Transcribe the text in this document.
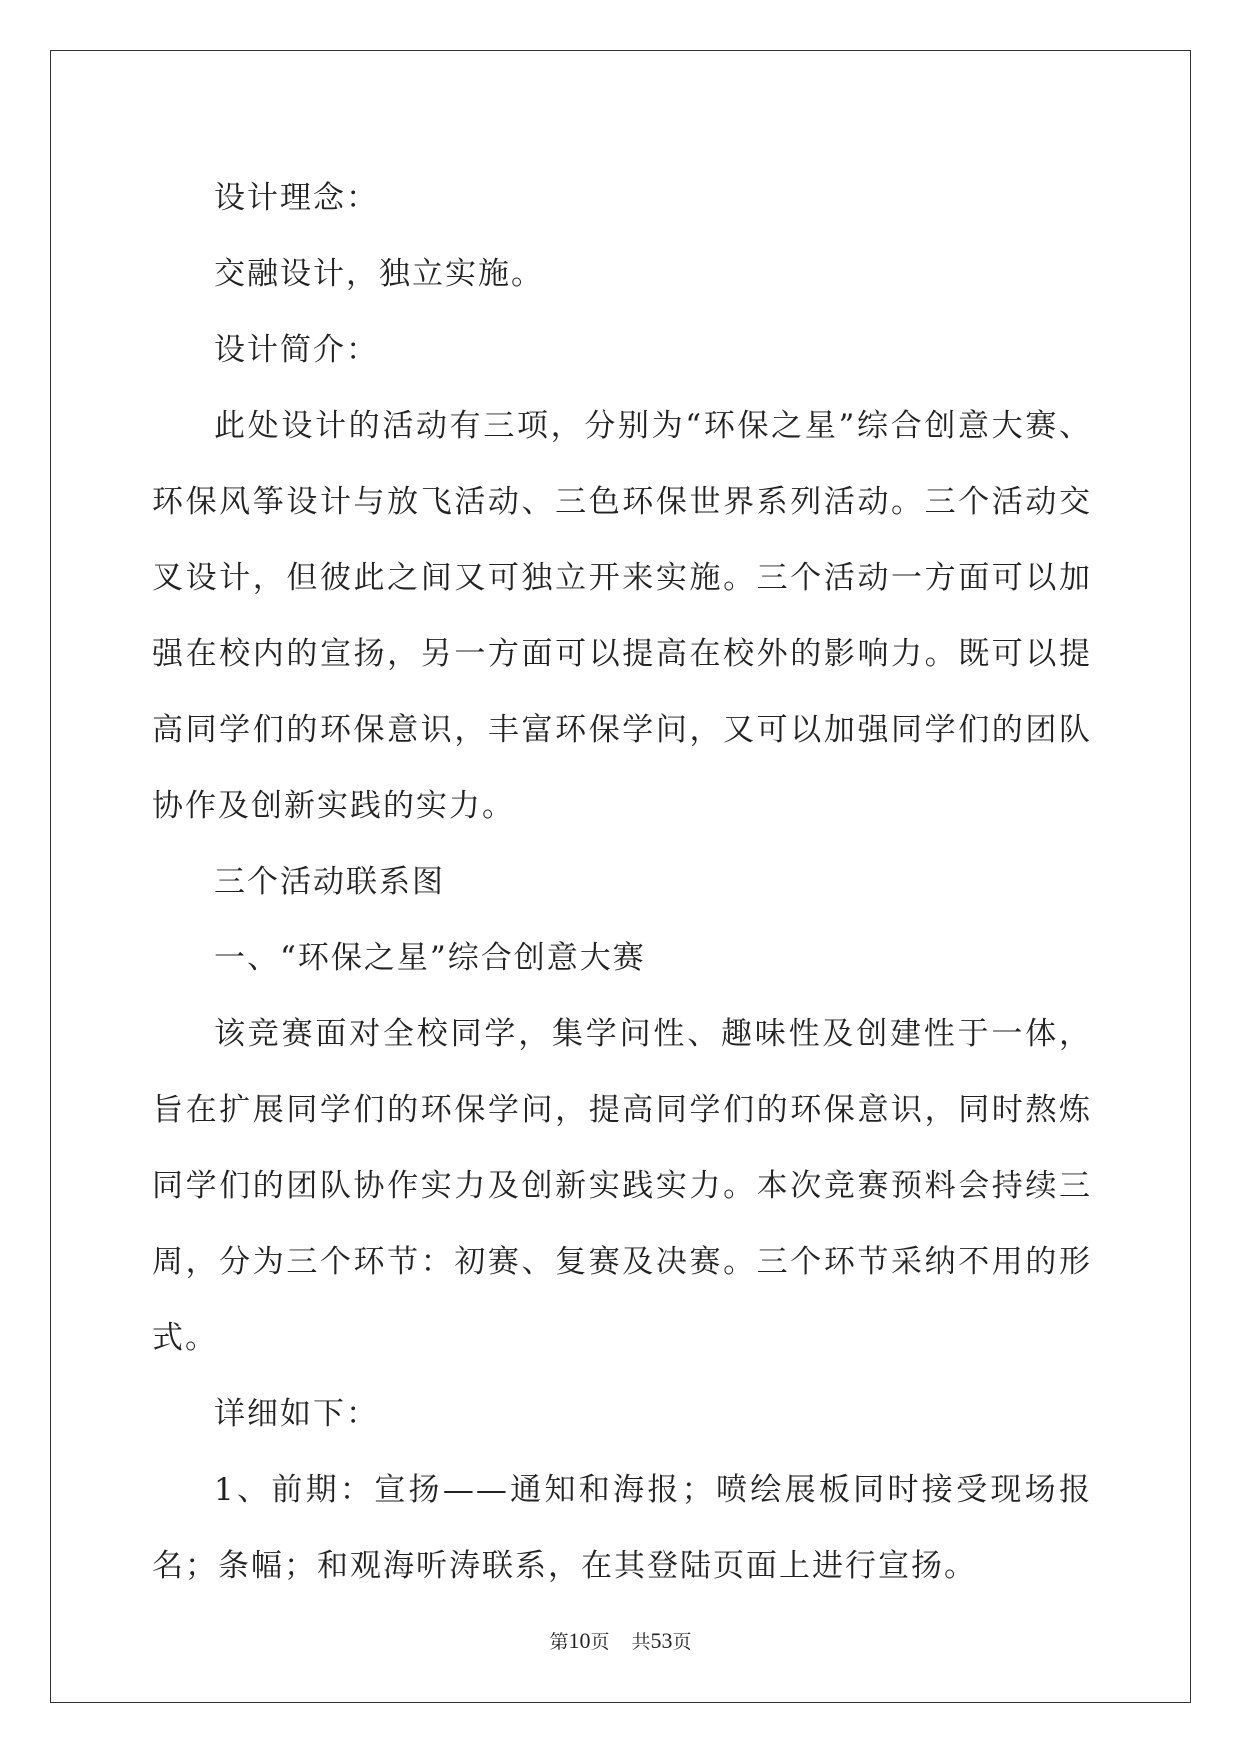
设计理念：

交融设计，独立实施。

设计简介：

此处设计的活动有三项，分别为“环保之星”综合创意大赛、环保风筝设计与放飞活动、三色环保世界系列活动。三个活动交叉设计，但彼此之间又可独立开来实施。三个活动一方面可以加强在校内的宣扬，另一方面可以提高在校外的影响力。既可以提高同学们的环保意识，丰富环保学问，又可以加强同学们的团队协作及创新实践的实力。

三个活动联系图

一、“环保之星”综合创意大赛

该竞赛面对全校同学，集学问性、趣味性及创建性于一体，旨在扩展同学们的环保学问，提高同学们的环保意识，同时熬炼同学们的团队协作实力及创新实践实力。本次竞赛预料会持续三周，分为三个环节：初赛、复赛及决赛。三个环节采纳不用的形式。

详细如下：

1、前期：宣扬——通知和海报；喷绘展板同时接受现场报名；条幅；和观海听涛联系，在其登陆页面上进行宣扬。

第10页 共53页
